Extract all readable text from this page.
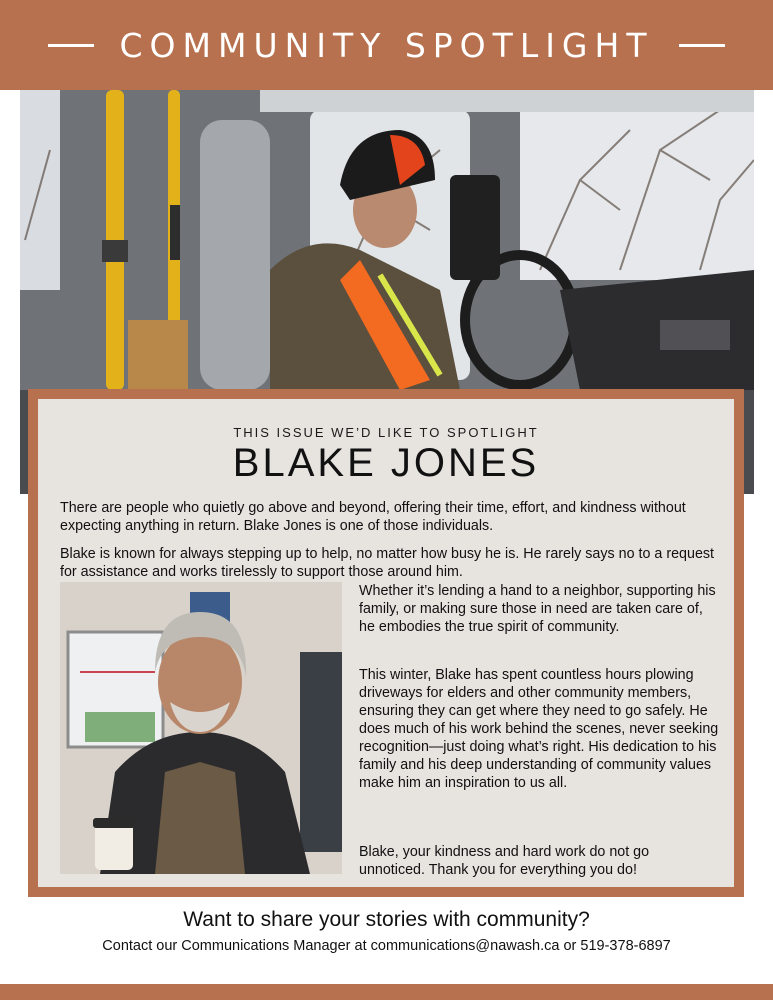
COMMUNITY SPOTLIGHT
THIS ISSUE WE’D LIKE TO SPOTLIGHT
BLAKE JONES

There are people who quietly go above and beyond, offering their time, effort, and kindness without expecting anything in return. Blake Jones is one of those individuals.

Blake is known for always stepping up to help, no matter how busy he is. He rarely says no to a request for assistance and works tirelessly to support those around him.

Whether it’s lending a hand to a neighbor, supporting his family, or making sure those in need are taken care of, he embodies the true spirit of community.

This winter, Blake has spent countless hours plowing driveways for elders and other community members, ensuring they can get where they need to go safely. He does much of his work behind the scenes, never seeking recognition—just doing what’s right. His dedication to his family and his deep understanding of community values make him an inspiration to us all.

Blake, your kindness and hard work do not go unnoticed. Thank you for everything you do!

Want to share your stories with community?
Contact our Communications Manager at communications@nawash.ca or 519-378-6897
